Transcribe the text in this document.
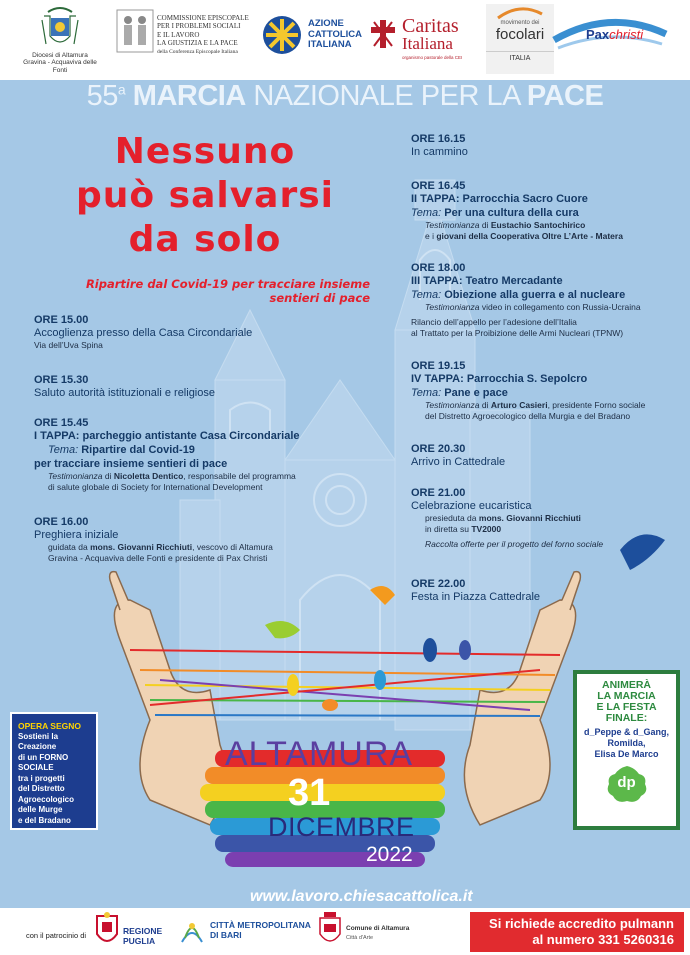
Diocesi di Altamura
Gravina - Acquaviva delle Fonti
COMMISSIONE EPISCOPALE
PER I PROBLEMI SOCIALI
E IL LAVORO
LA GIUSTIZIA E LA PACE
della Conferenza Episcopale Italiana
AZIONE
CATTOLICA
ITALIANA
Caritas
Italiana
organismo pastorale della CEI
movimento dei
focolari
ITALIA
Paxchristi
55$^a$ MARCIA NAZIONALE PER LA PACE
Nessuno
può salvarsi
da solo
Ripartire dal Covid-19 per tracciare insieme
sentieri di pace
ORE 15.00
Accoglienza presso della Casa Circondariale
Via dell’Uva Spina
ORE 15.30
Saluto autorità istituzionali e religiose
ORE 15.45
I TAPPA: parcheggio antistante Casa Circondariale
Tema: Ripartire dal Covid-19
per tracciare insieme sentieri di pace
Testimonianza di Nicoletta Dentico, responsabile del programma
di salute globale di Society for International Development
ORE 16.00
Preghiera iniziale
guidata da mons. Giovanni Ricchiuti, vescovo di Altamura
Gravina - Acquaviva delle Fonti e presidente di Pax Christi
ORE 16.15
In cammino
ORE 16.45
II TAPPA: Parrocchia Sacro Cuore
Tema: Per una cultura della cura
Testimonianza di Eustachio Santochirico
e i giovani della Cooperativa Oltre L’Arte - Matera
ORE 18.00
III TAPPA: Teatro Mercadante
Tema: Obiezione alla guerra e al nucleare
Testimonianza video in collegamento con Russia-Ucraina
Rilancio dell’appello per l’adesione dell’Italia
al Trattato per la Proibizione delle Armi Nucleari (TPNW)
ORE 19.15
IV TAPPA: Parrocchia S. Sepolcro
Tema: Pane e pace
Testimonianza di Arturo Casieri, presidente Forno sociale
del Distretto Agroecologico della Murgia e del Bradano
ORE 20.30
Arrivo in Cattedrale
ORE 21.00
Celebrazione eucaristica
presieduta da mons. Giovanni Ricchiuti
in diretta su TV2000
Raccolta offerte per il progetto del forno sociale
ORE 22.00
Festa in Piazza Cattedrale
OPERA SEGNO
Sostieni la Creazione
di un FORNO SOCIALE
tra i progetti
del Distretto
Agroecologico
delle Murge
e del Bradano
ANIMERÀ
LA MARCIA
E LA FESTA
FINALE:
d_Peppe & d_Gang,
Romilda,
Elisa De Marco
dp
ALTAMURA
31
DICEMBRE
2022
www.lavoro.chiesacattolica.it
con il patrocinio di	REGIONE
PUGLIA
CITTÀ METROPOLITANA
DI BARI
Comune di Altamura
Città d'Arte
Si richiede accredito pulmann
al numero 331 5260316
